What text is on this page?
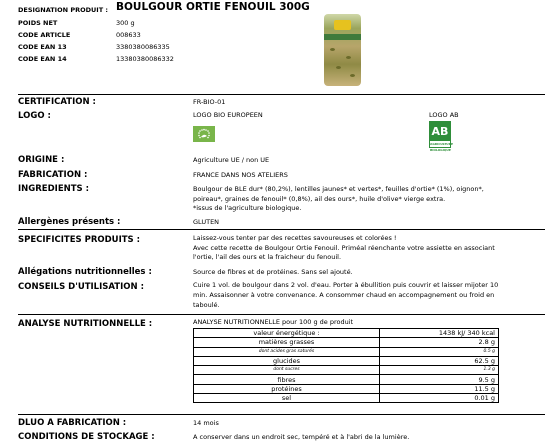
DESIGNATION PRODUIT : BOULGOUR ORTIE FENOUIL 300G
POIDS NET	300 g
CODE ARTICLE	008633
CODE EAN 13	3380380086335
CODE EAN 14	13380380086332
CERTIFICATION :	FR-BIO-01
LOGO :	LOGO BIO EUROPEEN	LOGO AB
AB
AGRICULTURE BIOLOGIQUE
ORIGINE :	Agriculture UE / non UE
FABRICATION :	FRANCE DANS NOS ATELIERS
INGREDIENTS :	Boulgour de BLE dur* (80,2%), lentilles jaunes* et vertes*, feuilles d'ortie* (1%), oignon*,
poireau*, graines de fenouil* (0,8%), ail des ours*, huile d'olive* vierge extra.
*issus de l'agriculture biologique.
Allergènes présents :	GLUTEN
SPECIFICITES PRODUITS :	Laissez-vous tenter par des recettes savoureuses et colorées !
Avec cette recette de Boulgour Ortie Fenouil. Priméal réenchante votre assiette en associant
l'ortie, l'ail des ours et la fraicheur du fenouil.
Allégations nutritionnelles :	Source de fibres et de protéines. Sans sel ajouté.
CONSEILS D'UTILISATION :	Cuire 1 vol. de boulgour dans 2 vol. d'eau. Porter à ébullition puis couvrir et laisser mijoter 10
min. Assaisonner à votre convenance. A consommer chaud en accompagnement ou froid en
taboulé.
ANALYSE NUTRITIONNELLE :	ANALYSE NUTRITIONNELLE pour 100 g de produit
valeur énergétique :	1438 kJ/ 340 kcal
matières grasses	2.8 g
dont acides gras saturés	0.5 g
glucides	62.5 g
dont sucres	1.3 g
fibres	9.5 g
protéines	11.5 g
sel	0.01 g
DLUO A FABRICATION :	14 mois
CONDITIONS DE STOCKAGE :	A conserver dans un endroit sec, tempéré et à l'abri de la lumière.
